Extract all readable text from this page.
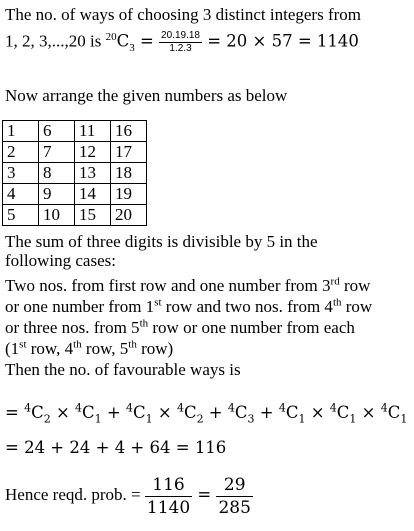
The no. of ways of choosing 3 distinct integers from
1, 2, 3,...,20 is $^{20}C_3 = \frac{20.19.18}{1.2.3} = 20 \times 57 = 1140$
Now arrange the given numbers as below
1	6	11	16
2	7	12	17
3	8	13	18
4	9	14	19
5	10	15	20
The sum of three digits is divisible by 5 in the
following cases:
Two nos. from first row and one number from 3rd row
or one number from 1st row and two nos. from 4th row
or three nos. from 5th row or one number from each
(1st row, 4th row, 5th row)
Then the no. of favourable ways is
= $^4C_2 \times ^4C_1 + ^4C_1 \times ^4C_2 + ^4C_3 + ^4C_1 \times ^4C_1 \times ^4C_1$
= 24 + 24 + 4 + 64 = 116
Hence reqd. prob. = $\frac{116}{1140} = \frac{29}{285}$
